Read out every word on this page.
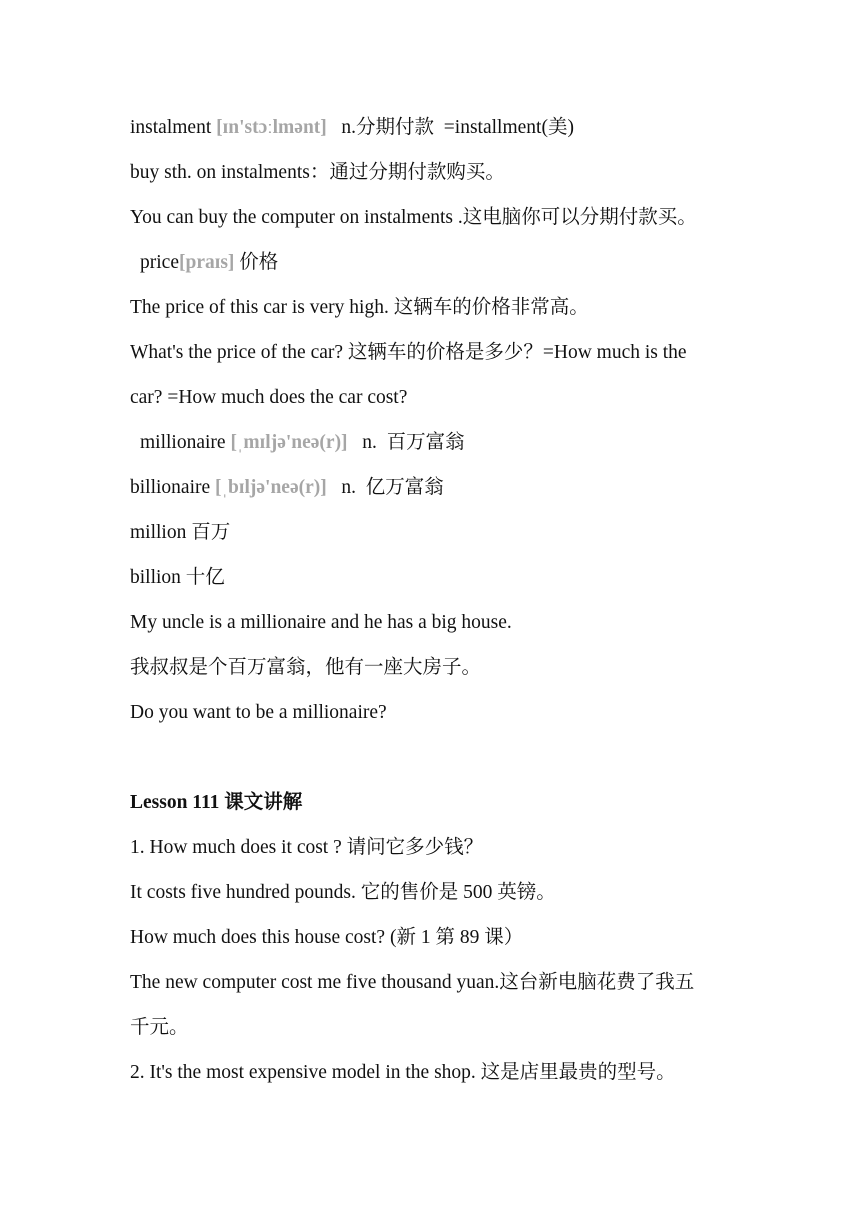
instalment [ɪn'stɔːlmənt]   n.分期付款  =installment(美)
buy sth. on instalments：通过分期付款购买。
You can buy the computer on instalments .这电脑你可以分期付款买。
price[praɪs] 价格
The price of this car is very high. 这辆车的价格非常高。
What's the price of the car? 这辆车的价格是多少？=How much is the
car? =How much does the car cost?
millionaire [ˌmɪljə'neə(r)]   n.  百万富翁
billionaire [ˌbɪljə'neə(r)]   n.  亿万富翁
million 百万
billion 十亿
My uncle is a millionaire and he has a big house.
我叔叔是个百万富翁，他有一座大房子。
Do you want to be a millionaire?
Lesson 111 课文讲解
1. How much does it cost ? 请问它多少钱？
It costs five hundred pounds. 它的售价是 500 英镑。
How much does this house cost? (新 1 第 89 课）
The new computer cost me five thousand yuan.这台新电脑花费了我五
千元。
2. It's the most expensive model in the shop. 这是店里最贵的型号。
